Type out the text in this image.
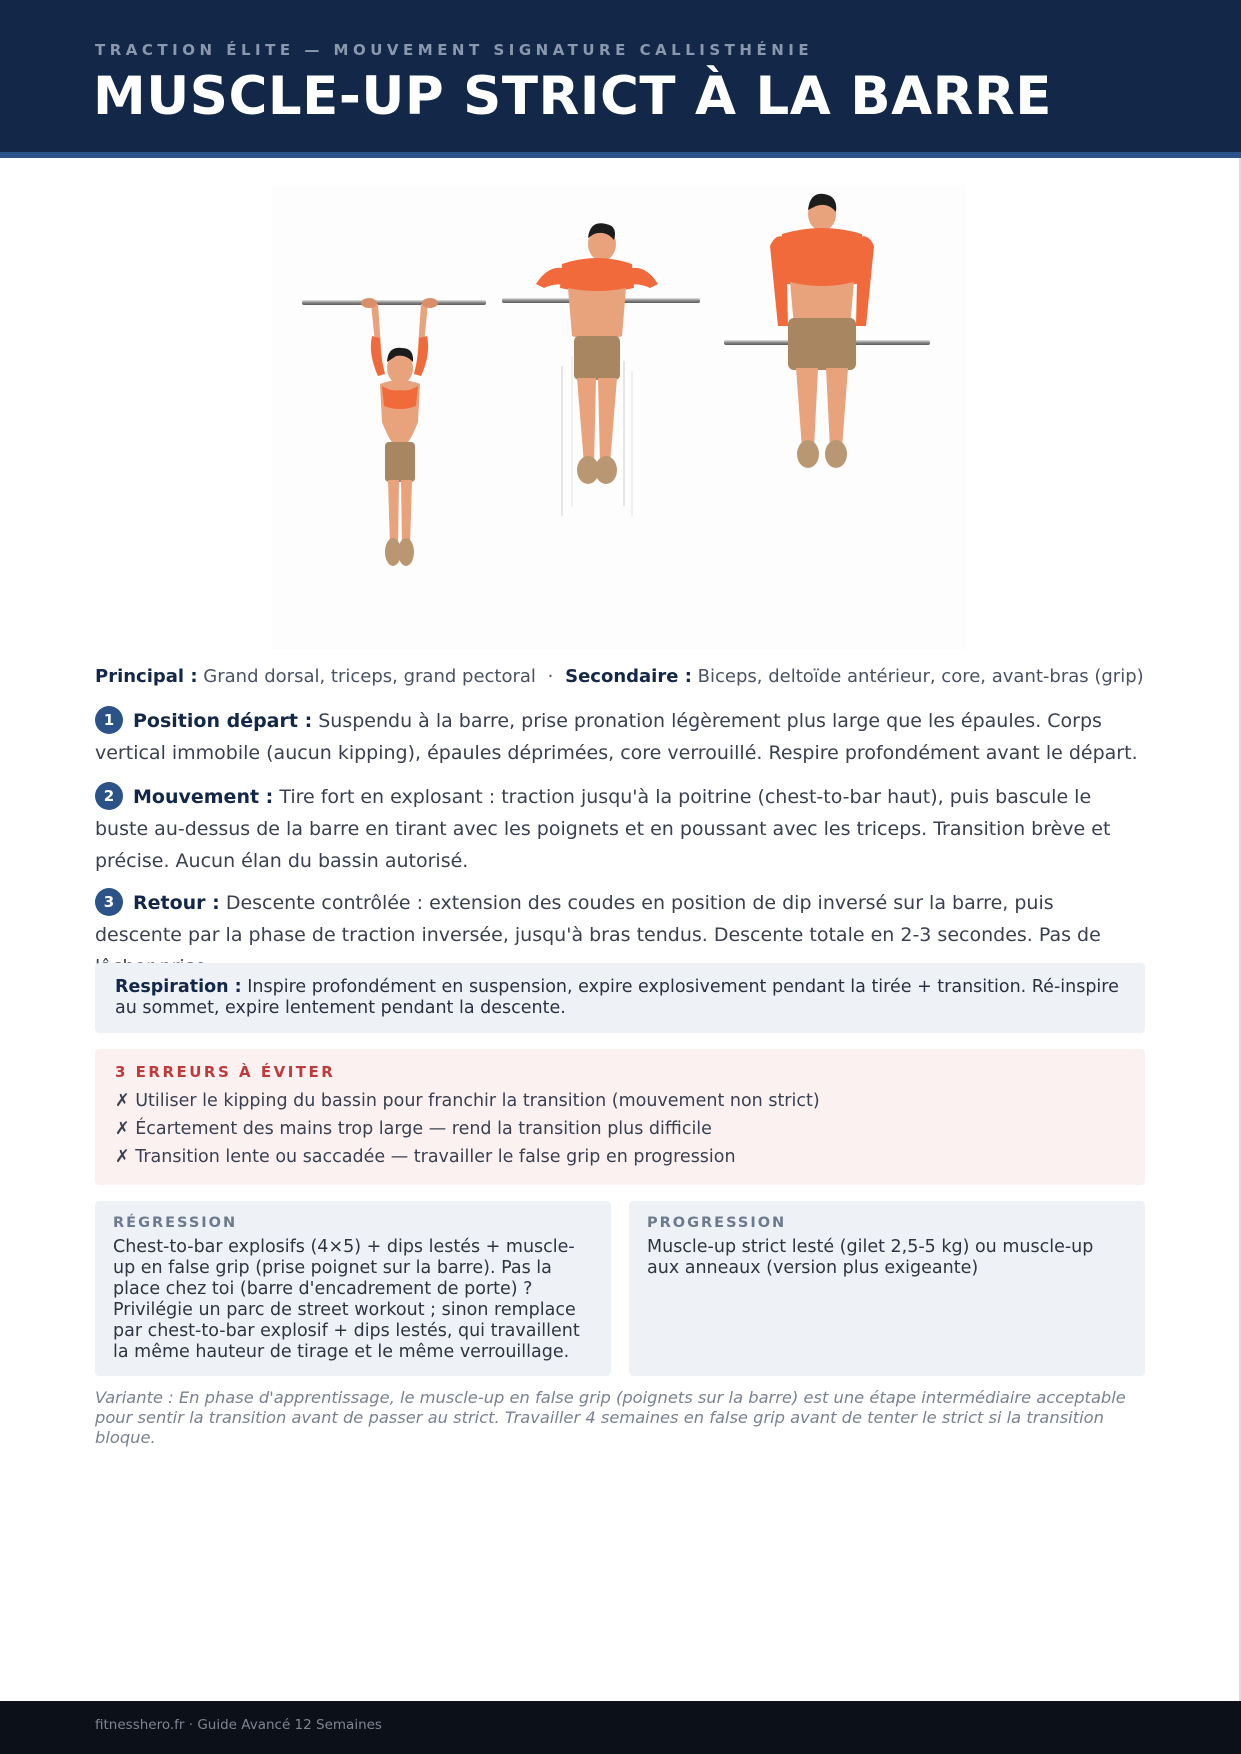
TRACTION ÉLITE — MOUVEMENT SIGNATURE CALLISTHÉNIE
MUSCLE-UP STRICT À LA BARRE
Principal : Grand dorsal, triceps, grand pectoral · Secondaire : Biceps, deltoïde antérieur, core, avant-bras (grip)
1 Position départ : Suspendu à la barre, prise pronation légèrement plus large que les épaules. Corps vertical immobile (aucun kipping), épaules déprimées, core verrouillé. Respire profondément avant le départ.
2 Mouvement : Tire fort en explosant : traction jusqu'à la poitrine (chest-to-bar haut), puis bascule le buste au-dessus de la barre en tirant avec les poignets et en poussant avec les triceps. Transition brève et précise. Aucun élan du bassin autorisé.
3 Retour : Descente contrôlée : extension des coudes en position de dip inversé sur la barre, puis descente par la phase de traction inversée, jusqu'à bras tendus. Descente totale en 2-3 secondes. Pas de
Respiration : Inspire profondément en suspension, expire explosivement pendant la tirée + transition. Ré-inspire au sommet, expire lentement pendant la descente.
3 ERREURS À ÉVITER
✗ Utiliser le kipping du bassin pour franchir la transition (mouvement non strict)
✗ Écartement des mains trop large — rend la transition plus difficile
✗ Transition lente ou saccadée — travailler le false grip en progression
RÉGRESSION
Chest-to-bar explosifs (4×5) + dips lestés + muscle-up en false grip (prise poignet sur la barre). Pas la place chez toi (barre d'encadrement de porte) ? Privilégie un parc de street workout ; sinon remplace par chest-to-bar explosif + dips lestés, qui travaillent la même hauteur de tirage et le même verrouillage.
PROGRESSION
Muscle-up strict lesté (gilet 2,5-5 kg) ou muscle-up aux anneaux (version plus exigeante)
Variante : En phase d'apprentissage, le muscle-up en false grip (poignets sur la barre) est une étape intermédiaire acceptable pour sentir la transition avant de passer au strict. Travailler 4 semaines en false grip avant de tenter le strict si la transition bloque.
fitnesshero.fr · Guide Avancé 12 Semaines
